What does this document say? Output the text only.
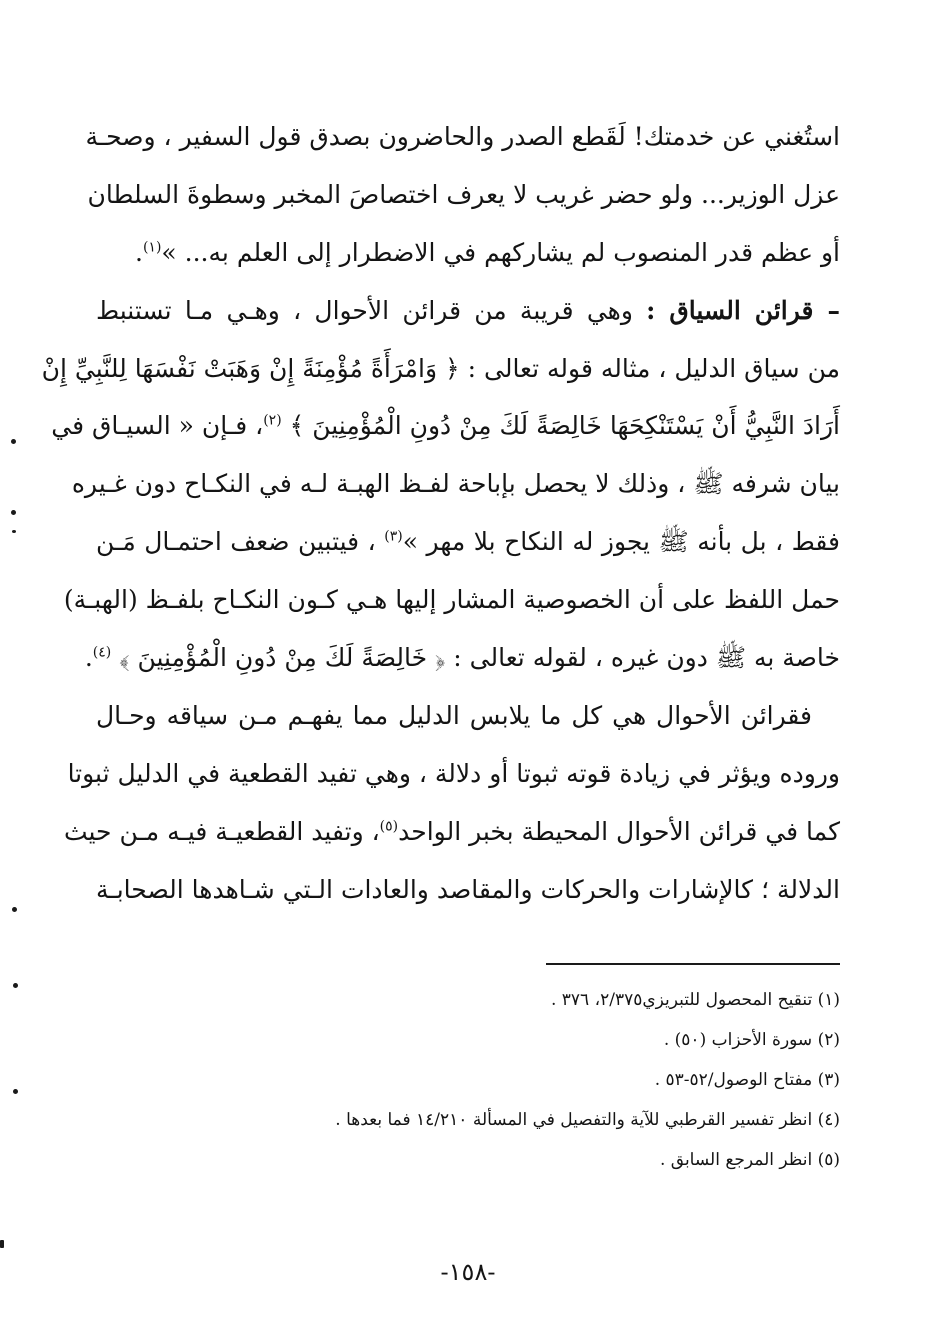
استُغني عن خدمتك! لَقَطع الصدر والحاضرون بصدق قول السفير ، وصحـة
عزل الوزير... ولو حضر غريب لا يعرف اختصاصَ المخبر وسطوةَ السلطان
أو عظم قدر المنصوب لم يشاركهم في الاضطرار إلى العلم به... »$^{(١)}$.
– قرائن السياق : وهي قريبة من قرائن الأحوال ، وهـي مـا تستنبط
من سياق الدليل ، مثاله قوله تعالى : ﴿ وَامْرَأَةً مُؤْمِنَةً إِنْ وَهَبَتْ نَفْسَهَا لِلنَّبِيِّ إِنْ
أَرَادَ النَّبِيُّ أَنْ يَسْتَنْكِحَهَا خَالِصَةً لَكَ مِنْ دُونِ الْمُؤْمِنِينَ ﴾ $^{(٢)}$، فـإن « السيـاق في
بيان شرفه ﷺ ، وذلك لا يحصل بإباحة لفـظ الهبـة لـه في النكـاح دون غـيره
فقط ، بل بأنه ﷺ يجوز له النكاح بلا مهر »$^{(٣)}$ ، فيتبين ضعف احتمـال مَـن
حمل اللفظ على أن الخصوصية المشار إليها هـي كـون النكـاح بلفـظ (الهبـة)
خاصة به ﷺ دون غيره ، لقوله تعالى : ﴿ خَالِصَةً لَكَ مِنْ دُونِ الْمُؤْمِنِينَ ﴾ $^{(٤)}$.
فقرائن الأحوال هي كل ما يلابس الدليل مما يفهـم مـن سياقه وحـال
وروده ويؤثر في زيادة قوته ثبوتا أو دلالة ، وهي تفيد القطعية في الدليل ثبوتا
كما في قرائن الأحوال المحيطة بخبر الواحد$^{(٥)}$، وتفيد القطعيـة فيـه مـن حيث
الدلالة ؛ كالإشارات والحركات والمقاصد والعادات الـتي شـاهدها الصحابـة
(١) تنقيح المحصول للتبريزي٢/٣٧٥، ٣٧٦ .
(٢) سورة الأحزاب (٥٠) .
(٣) مفتاح الوصول/٥٢-٥٣ .
(٤) انظر تفسير القرطبي للآية والتفصيل في المسألة ١٤/٢١٠ فما بعدها .
(٥) انظر المرجع السابق .
-١٥٨-
